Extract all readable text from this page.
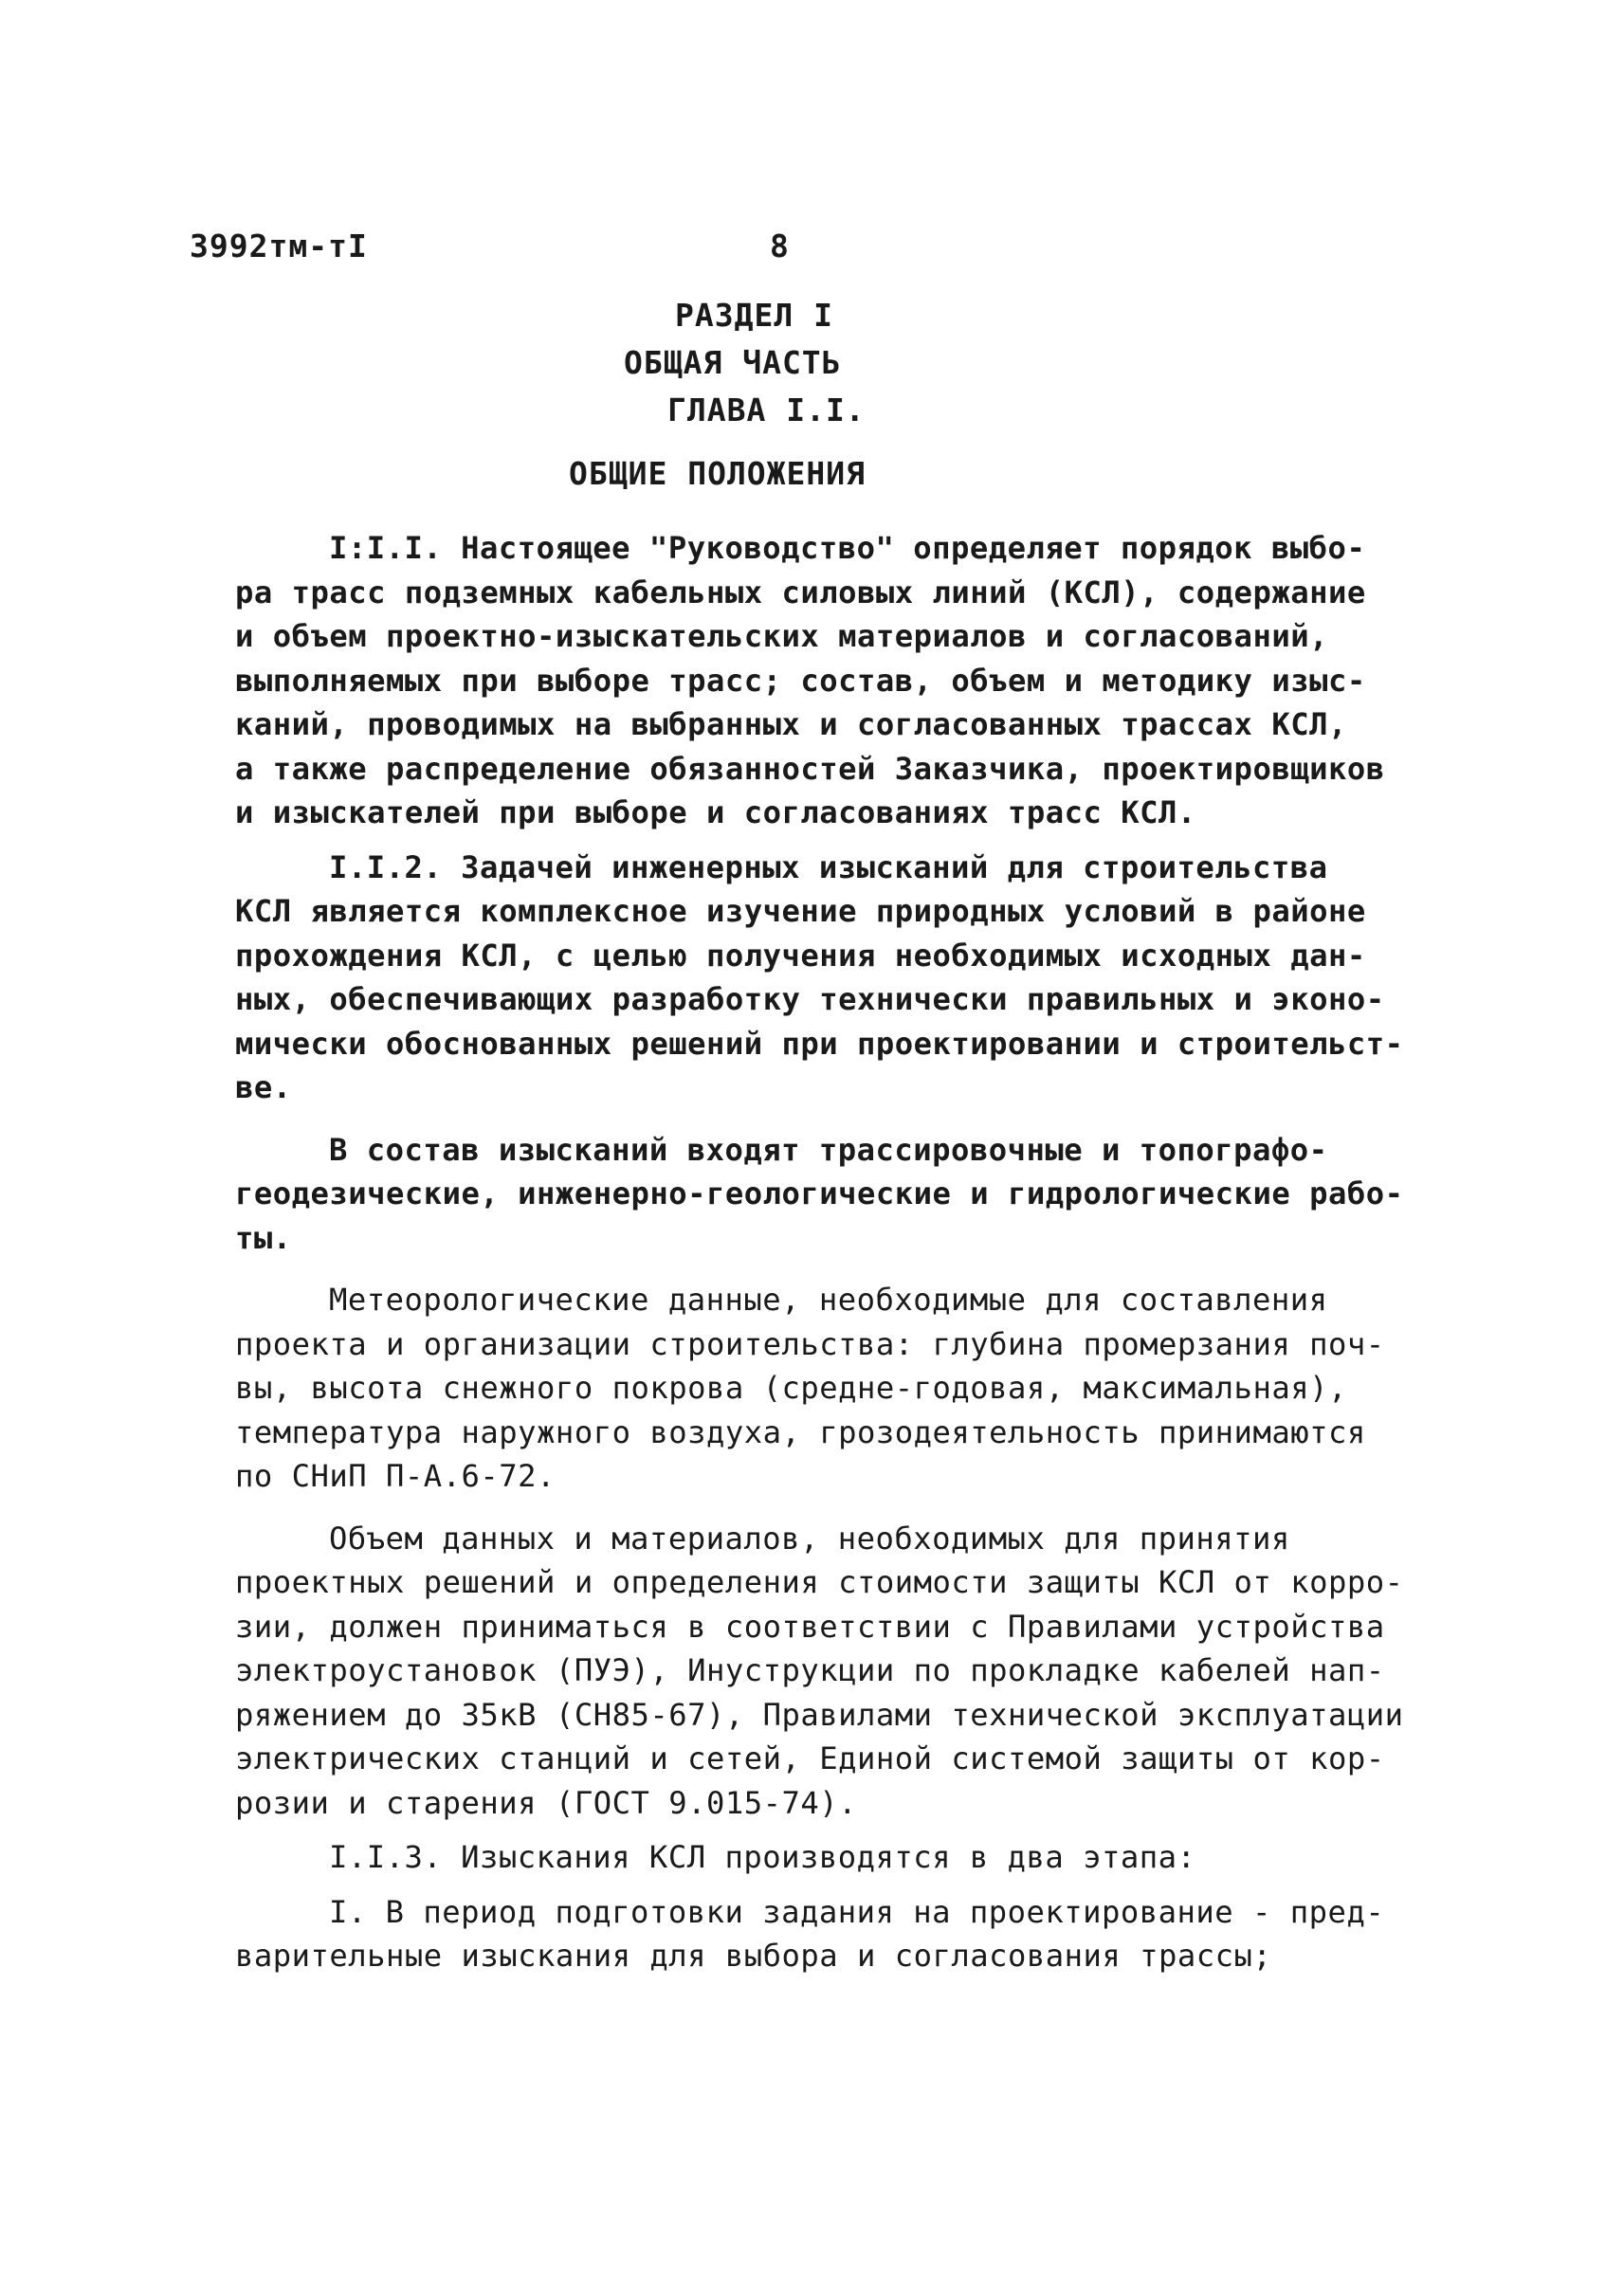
3992тм-тI	8
РАЗДЕЛ I
ОБЩАЯ ЧАСТЬ
ГЛАВА I.I.
ОБЩИЕ ПОЛОЖЕНИЯ
I:I.I. Настоящее "Руководство" определяет порядок выбо-
ра трасс подземных кабельных силовых линий (КСЛ), содержание
и объем проектно-изыскательских материалов и согласований,
выполняемых при выборе трасс; состав, объем и методику изыс-
каний, проводимых на выбранных и согласованных трассах КСЛ,
а также распределение обязанностей Заказчика, проектировщиков
и изыскателей при выборе и согласованиях трасс КСЛ.
I.I.2. Задачей инженерных изысканий для строительства
КСЛ является комплексное изучение природных условий в районе
прохождения КСЛ, с целью получения необходимых исходных дан-
ных, обеспечивающих разработку технически правильных и эконо-
мически обоснованных решений при проектировании и строительст-
ве.
В состав изысканий входят трассировочные и топографо-
геодезические, инженерно-геологические и гидрологические рабо-
ты.
Метеорологические данные, необходимые для составления
проекта и организации строительства: глубина промерзания поч-
вы, высота снежного покрова (средне-годовая, максимальная),
температура наружного воздуха, грозодеятельность принимаются
по СНиП П-А.6-72.
Объем данных и материалов, необходимых для принятия
проектных решений и определения стоимости защиты КСЛ от корро-
зии, должен приниматься в соответствии с Правилами устройства
электроустановок (ПУЭ), Инуструкции по прокладке кабелей нап-
ряжением до 35кВ (СН85-67), Правилами технической эксплуатации
электрических станций и сетей, Единой системой защиты от кор-
розии и старения (ГОСТ 9.015-74).
I.I.3. Изыскания КСЛ производятся в два этапа:
I. В период подготовки задания на проектирование - пред-
варительные изыскания для выбора и согласования трассы;
